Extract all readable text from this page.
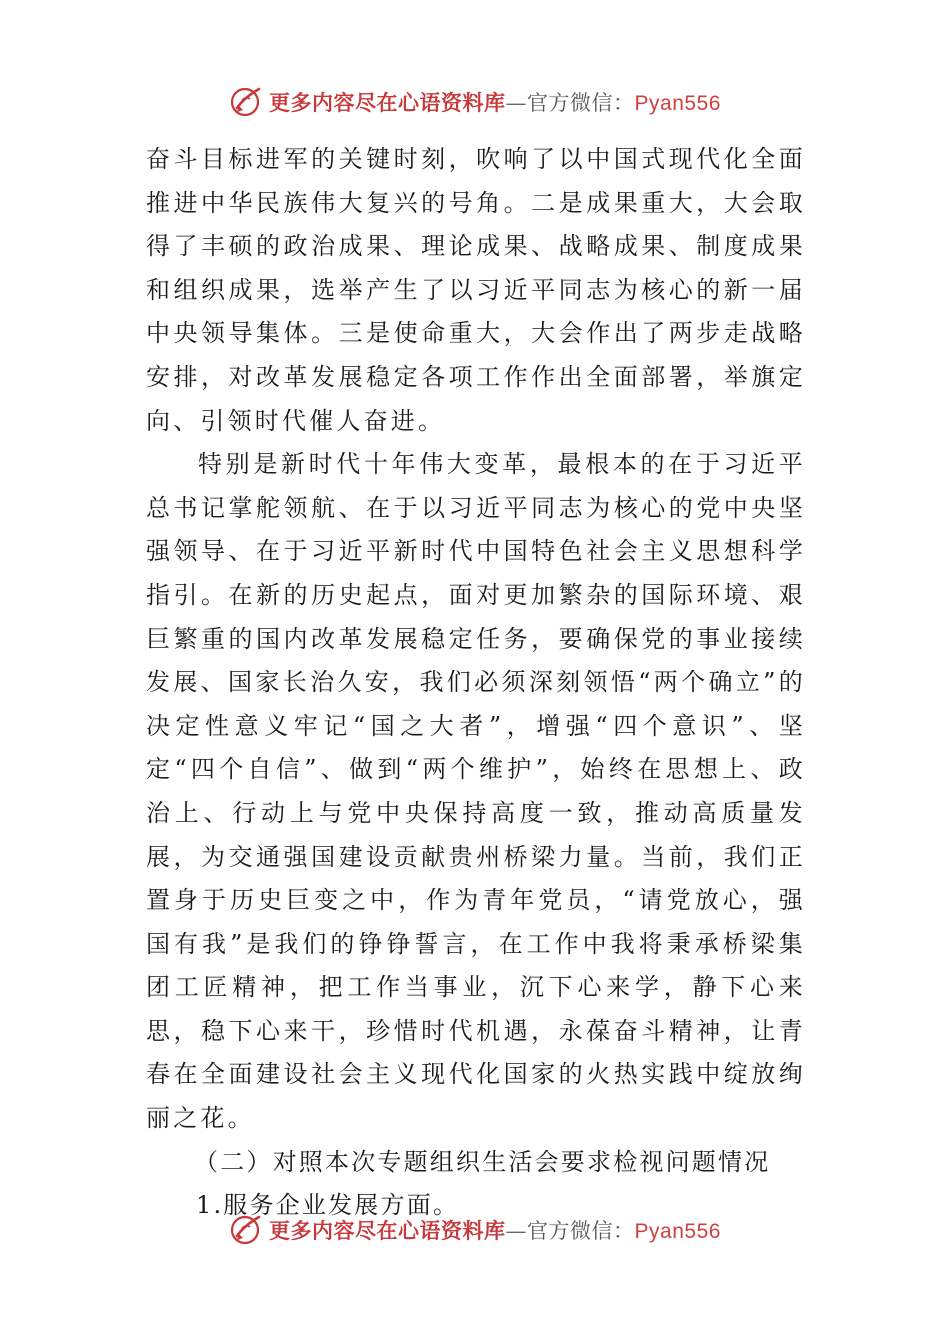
更多内容尽在心语资料库—官方微信：Pyan556

奋斗目标进军的关键时刻，吹响了以中国式现代化全面推进中华民族伟大复兴的号角。二是成果重大，大会取得了丰硕的政治成果、理论成果、战略成果、制度成果和组织成果，选举产生了以习近平同志为核心的新一届中央领导集体。三是使命重大，大会作出了两步走战略安排，对改革发展稳定各项工作作出全面部署，举旗定向、引领时代催人奋进。

特别是新时代十年伟大变革，最根本的在于习近平总书记掌舵领航、在于以习近平同志为核心的党中央坚强领导、在于习近平新时代中国特色社会主义思想科学指引。在新的历史起点，面对更加繁杂的国际环境、艰巨繁重的国内改革发展稳定任务，要确保党的事业接续发展、国家长治久安，我们必须深刻领悟“两个确立”的决定性意义牢记“国之大者”，增强“四个意识”、坚定“四个自信”、做到“两个维护”，始终在思想上、政治上、行动上与党中央保持高度一致，推动高质量发展，为交通强国建设贡献贵州桥梁力量。当前，我们正置身于历史巨变之中，作为青年党员，“请党放心，强国有我”是我们的铮铮誓言，在工作中我将秉承桥梁集团工匠精神，把工作当事业，沉下心来学，静下心来思，稳下心来干，珍惜时代机遇，永葆奋斗精神，让青春在全面建设社会主义现代化国家的火热实践中绽放绚丽之花。

（二）对照本次专题组织生活会要求检视问题情况

1.服务企业发展方面。

更多内容尽在心语资料库—官方微信：Pyan556
